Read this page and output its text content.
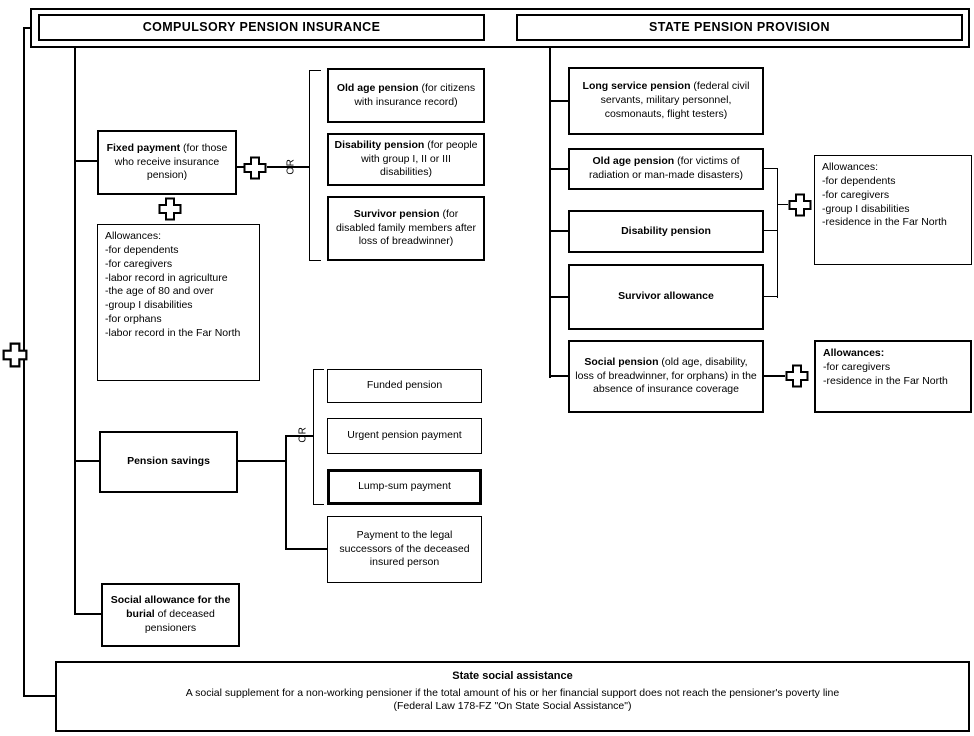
COMPULSORY PENSION INSURANCE	STATE PENSION PROVISION
Fixed payment (for those who receive insurance pension)
Allowances:
-for dependents
-for caregivers
-labor record in agriculture
-the age of 80 and over
-group I disabilities
-for orphans
-labor record in the Far North
OR
Old age pension (for citizens with insurance record)
Disability pension (for people with group I, II or III disabilities)
Survivor pension (for disabled family members after loss of breadwinner)
Pension savings
OR
Funded pension
Urgent pension payment
Lump-sum payment
Payment to the legal successors of the deceased insured person
Social allowance for the burial of deceased pensioners
Long service pension (federal civil servants, military personnel, cosmonauts, flight testers)
Old age pension (for victims of radiation or man-made disasters)
Disability pension
Survivor allowance
Social pension (old age, disability, loss of breadwinner, for orphans) in the absence of insurance coverage
Allowances:
-for dependents
-for caregivers
-group I disabilities
-residence in the Far North
Allowances:
-for caregivers
-residence in the Far North
State social assistance
A social supplement for a non-working pensioner if the total amount of his or her financial support does not reach the pensioner's poverty line
(Federal Law 178-FZ "On State Social Assistance")
